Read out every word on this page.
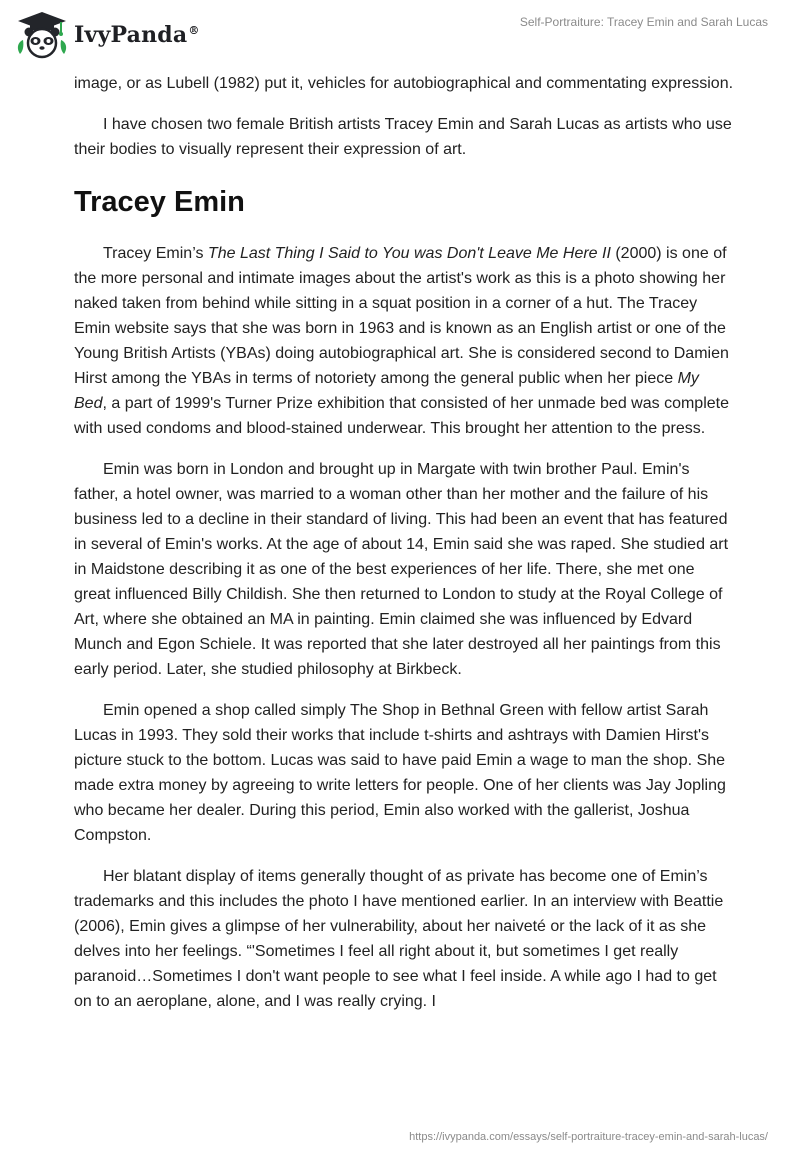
IvyPanda®
Self-Portraiture: Tracey Emin and Sarah Lucas

image, or as Lubell (1982) put it, vehicles for autobiographical and commentating expression.

I have chosen two female British artists Tracey Emin and Sarah Lucas as artists who use their bodies to visually represent their expression of art.

Tracey Emin

Tracey Emin’s The Last Thing I Said to You was Don't Leave Me Here II (2000) is one of the more personal and intimate images about the artist's work as this is a photo showing her naked taken from behind while sitting in a squat position in a corner of a hut. The Tracey Emin website says that she was born in 1963 and is known as an English artist or one of the Young British Artists (YBAs) doing autobiographical art. She is considered second to Damien Hirst among the YBAs in terms of notoriety among the general public when her piece My Bed, a part of 1999's Turner Prize exhibition that consisted of her unmade bed was complete with used condoms and blood-stained underwear. This brought her attention to the press.

Emin was born in London and brought up in Margate with twin brother Paul. Emin's father, a hotel owner, was married to a woman other than her mother and the failure of his business led to a decline in their standard of living. This had been an event that has featured in several of Emin's works. At the age of about 14, Emin said she was raped. She studied art in Maidstone describing it as one of the best experiences of her life. There, she met one great influenced Billy Childish. She then returned to London to study at the Royal College of Art, where she obtained an MA in painting. Emin claimed she was influenced by Edvard Munch and Egon Schiele. It was reported that she later destroyed all her paintings from this early period. Later, she studied philosophy at Birkbeck.

Emin opened a shop called simply The Shop in Bethnal Green with fellow artist Sarah Lucas in 1993. They sold their works that include t-shirts and ashtrays with Damien Hirst's picture stuck to the bottom. Lucas was said to have paid Emin a wage to man the shop. She made extra money by agreeing to write letters for people. One of her clients was Jay Jopling who became her dealer. During this period, Emin also worked with the gallerist, Joshua Compston.

Her blatant display of items generally thought of as private has become one of Emin’s trademarks and this includes the photo I have mentioned earlier. In an interview with Beattie (2006), Emin gives a glimpse of her vulnerability, about her naiveté or the lack of it as she delves into her feelings. “'Sometimes I feel all right about it, but sometimes I get really paranoid…Sometimes I don't want people to see what I feel inside. A while ago I had to get on to an aeroplane, alone, and I was really crying. I

https://ivypanda.com/essays/self-portraiture-tracey-emin-and-sarah-lucas/
